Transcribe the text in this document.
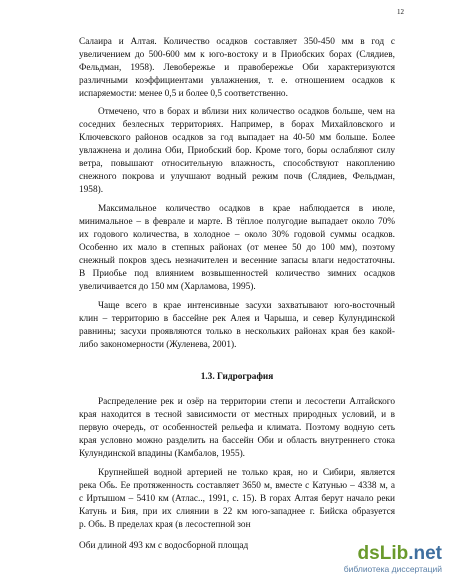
12
Салаира и Алтая. Количество осадков составляет 350-450 мм в год с
увеличением до 500-600 мм к юго-востоку и в Приобских борах (Слядиев,
Фельдман, 1958). Левобережье и правобережье Оби характеризуются
различными коэффициентами увлажнения, т. е. отношением осадков к
испаряемости: менее 0,5 и более 0,5 соответственно.
Отмечено, что в борах и вблизи них количество осадков больше, чем на
соседних безлесных территориях. Например, в борах Михайловского и
Ключевского районов осадков за год выпадает на 40-50 мм больше. Более
увлажнена и долина Оби, Приобский бор. Кроме того, боры ослабляют силу
ветра, повышают относительную влажность, способствуют накоплению
снежного покрова и улучшают водный режим почв (Слядиев, Фельдман,
1958).
Максимальное количество осадков в крае наблюдается в июле,
минимальное – в феврале и марте. В тёплое полугодие выпадает около 70%
их годового количества, в холодное – около 30% годовой суммы осадков.
Особенно их мало в степных районах (от менее 50 до 100 мм), поэтому
снежный покров здесь незначителен и весенние запасы влаги недостаточны.
В Приобье под влиянием возвышенностей количество зимних осадков
увеличивается до 150 мм (Харламова, 1995).
Чаще всего в крае интенсивные засухи захватывают юго-восточный
клин – территорию в бассейне рек Алея и Чарыша, и север Кулундинской
равнины; засухи проявляются только в нескольких районах края без какой-
либо закономерности (Жуленева, 2001).
1.3. Гидрография
Распределение рек и озёр на территории степи и лесостепи Алтайского
края находится в тесной зависимости от местных природных условий, и в
первую очередь, от особенностей рельефа и климата. Поэтому водную сеть
края условно можно разделить на бассейн Оби и область внутреннего стока
Кулундинской впадины (Камбалов, 1955).
Крупнейшей водной артерией не только края, но и Сибири, является
река Обь. Ее протяженность составляет 3650 м, вместе с Катунью – 4338 м, а
с Иртышом – 5410 км (Атлас.., 1991, с. 15). В горах Алтая берут начало реки
Катунь и Бия, при их слиянии в 22 км юго-западнее г. Бийска образуется
р. Обь. В пределах края (в лесостепной зон
Оби длиной 493 км с водосборной площад	dsLib.net
библиотека диссертаций
